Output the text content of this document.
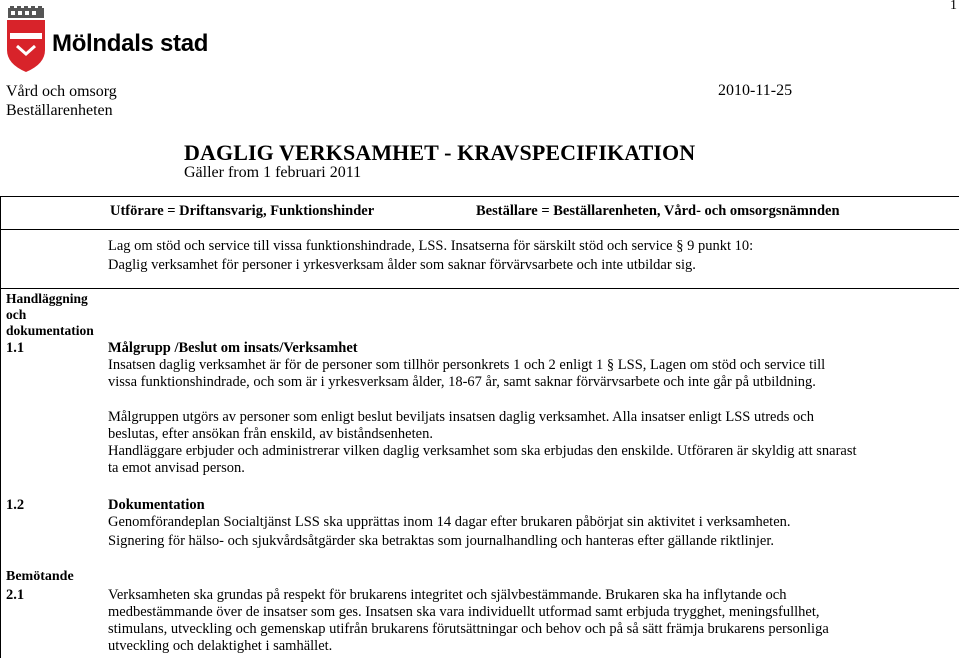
1
Mölndals stad
Vård och omsorg
Beställarenheten
2010-11-25
DAGLIG VERKSAMHET - KRAVSPECIFIKATION
Gäller from 1 februari 2011
Utförare = Driftansvarig, Funktionshinder	Beställare = Beställarenheten, Vård- och omsorgsnämnden
Lag om stöd och service till vissa funktionshindrade, LSS. Insatserna för särskilt stöd och service § 9 punkt 10:
Daglig verksamhet för personer i yrkesverksam ålder som saknar förvärvsarbete och inte utbildar sig.
Handläggning
och
dokumentation
1.1	Målgrupp /Beslut om insats/Verksamhet
Insatsen daglig verksamhet är för de personer som tillhör personkrets 1 och 2 enligt 1 § LSS, Lagen om stöd och service till
vissa funktionshindrade, och som är i yrkesverksam ålder, 18-67 år, samt saknar förvärvsarbete och inte går på utbildning.
Målgruppen utgörs av personer som enligt beslut beviljats insatsen daglig verksamhet. Alla insatser enligt LSS utreds och
beslutas, efter ansökan från enskild, av biståndsenheten.
Handläggare erbjuder och administrerar vilken daglig verksamhet som ska erbjudas den enskilde. Utföraren är skyldig att snarast
ta emot anvisad person.
1.2	Dokumentation
Genomförandeplan Socialtjänst LSS ska upprättas inom 14 dagar efter brukaren påbörjat sin aktivitet i verksamheten.
Signering för hälso- och sjukvårdsåtgärder ska betraktas som journalhandling och hanteras efter gällande riktlinjer.
Bemötande
2.1	Verksamheten ska grundas på respekt för brukarens integritet och självbestämmande. Brukaren ska ha inflytande och
medbestämmande över de insatser som ges. Insatsen ska vara individuellt utformad samt erbjuda trygghet, meningsfullhet,
stimulans, utveckling och gemenskap utifrån brukarens förutsättningar och behov och på så sätt främja brukarens personliga
utveckling och delaktighet i samhället.
